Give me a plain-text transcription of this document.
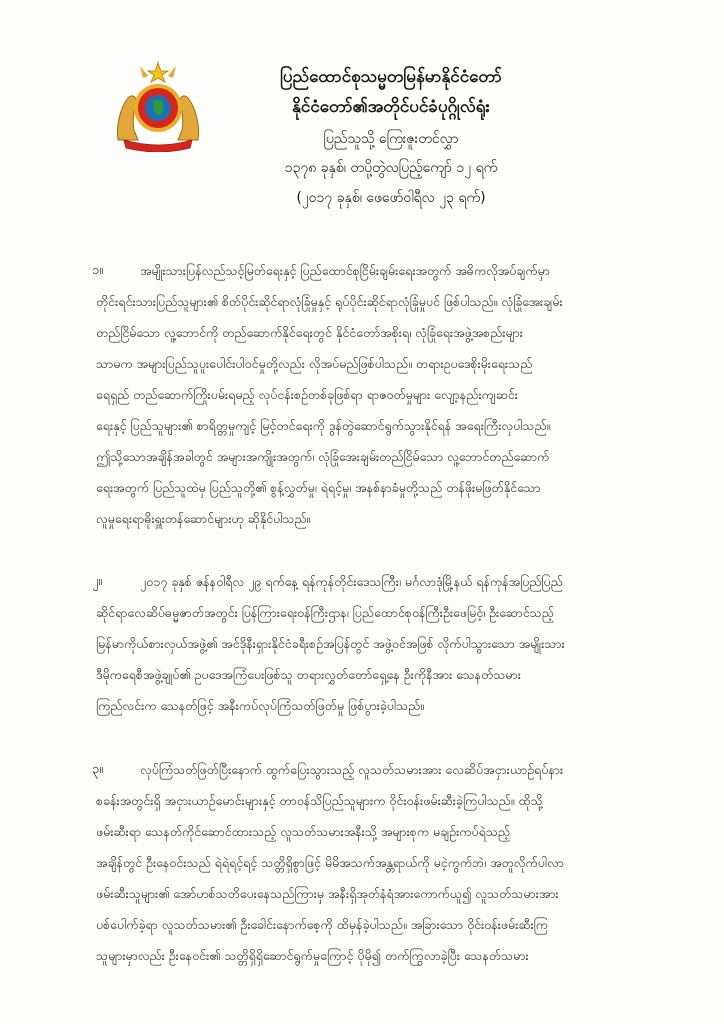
ပြည်ထောင်စုသမ္မတမြန်မာနိုင်ငံတော်
နိုင်ငံတော်၏အတိုင်ပင်ခံပုဂ္ဂိုလ်ရုံး
ပြည်သူသို့ ကြေးဇူးတင်လွှာ
၁၃၇၈ ခုနှစ်၊ တပို့တွဲလပြည့်ကျော် ၁၂ ရက်
(၂၀၁၇ ခုနှစ်၊ ဖေဖော်ဝါရီလ ၂၃ ရက်)
၁။	အမျိုးသားပြန်လည်သင့်မြတ်ရေးနှင့် ပြည်ထောင်စုငြိမ်းချမ်းရေးအတွက် အဓိကလိုအပ်ချက်မှာ
တိုင်းရင်းသားပြည်သူများ၏ စိတ်ပိုင်းဆိုင်ရာလုံခြုံမှုနှင့် ရုပ်ပိုင်းဆိုင်ရာလုံခြုံမှုပင် ဖြစ်ပါသည်။ လုံခြုံအေးချမ်း
တည်ငြိမ်သော လူ့ဘောင်ကို တည်ဆောက်နိုင်ရေးတွင် နိုင်ငံတော်အစိုးရ၊ လုံခြုံရေးအဖွဲ့အစည်းများ
သာမက အများပြည်သူပူးပေါင်းပါဝင်မှုတို့လည်း လိုအပ်မည်ဖြစ်ပါသည်။ တရားဥပဒေစိုးမိုးရေးသည်
ရေရှည် တည်ဆောက်ကြိုးပမ်းရမည့် လုပ်ငန်းစဉ်တစ်ခုဖြစ်ရာ ရာဇဝတ်မှုများ လျော့နည်းကျဆင်း
ရေးနှင့် ပြည်သူများ၏ စာရိတ္တမှုကျင့် မြင့်တင်ရေးကို ဒွန်တွဲဆောင်ရွက်သွားနိုင်ရန် အရေးကြီးလှပါသည်။
ဤသို့သောအချိန်အခါတွင် အများအကျိုးအတွက်၊ လုံခြုံအေးချမ်းတည်ငြိမ်သော လူ့ဘောင်တည်ဆောက်
ရေးအတွက် ပြည်သူထဲမှ ပြည်သူတို့၏ စွန့်လွှတ်မှု၊ ရဲရင့်မှု၊ အနစ်နာခံမှုတို့သည် တန်ဖိုးမဖြတ်နိုင်သော
လူမှုရေးရာဓိုးရှူးတန်ဆောင်များဟု ဆိုနိုင်ပါသည်။
၂။	၂၀၁၇ ခုနှစ် ဇန်နဝါရီလ ၂၉ ရက်နေ့ ရန်ကုန်တိုင်းဒေသကြီး၊ မင်္ဂလာဒုံမြို့နယ် ရန်ကုန်အပြည်ပြည်
ဆိုင်ရာလေဆိပ်ဓမ္မဇာတ်အတွင်း ပြန်ကြားရေးဝန်ကြီးဌာန၊ ပြည်ထောင်စုဝန်ကြီးဦးဖေမြင့်၊ ဦးဆောင်သည့်
မြန်မာကိုယ်စားလှယ်အဖွဲ့၏ အင်ဒိုနီးရှားနိုင်ငံခရီးစဉ်အပြန်တွင် အဖွဲ့ဝင်အဖြစ် လိုက်ပါသွားသော အမျိုးသား
ဒီမိုကရေစီအဖွဲ့ချုပ်၏ ဥပဒေအကြံပေးဖြစ်သူ တရားလွှတ်တော်ရှေ့နေ ဦးကိုနီအား သေနတ်သမား
ကြည်လင်းက သေနတ်ဖြင့် အနီးကပ်လုပ်ကြံသတ်ဖြတ်မှု ဖြစ်ပွားခဲ့ပါသည်။
၃။	လုပ်ကြံသတ်ဖြတ်ပြီးနောက် ထွက်ပြေးသွားသည့် လူသတ်သမားအား လေဆိပ်အငှားယာဉ်ရပ်နား
စခန်းအတွင်းရှိ အငှားယာဉ်မောင်းများနှင့် တာဝန်သိပြည်သူများက ဝိုင်းဝန်းဖမ်းဆီးခဲ့ကြပါသည်။ ထိုသို့
ဖမ်းဆီးရာ သေနတ်ကိုင်ဆောင်ထားသည့် လူသတ်သမားအနီးသို့ အများစုက မချဉ်းကပ်ရဲသည့်
အချိန်တွင် ဦးနေဝင်းသည် ရဲရဲရင့်ရင့် သတ္တိရှိစွာဖြင့် မိမိအသက်အန္တရာယ်ကို မငဲ့ကွက်ဘဲ၊ အတူလိုက်ပါလာ
ဖမ်းဆီးသူများ၏ အော်ဟစ်သတိပေးနေသည်ကြားမှ အနီးရှိအုတ်နံရံအားကောက်ယူ၍ လူသတ်သမားအား
ပစ်ပေါက်ခဲ့ရာ လူသတ်သမား၏ ဦးခေါင်းနောက်စေ့ကို ထိမှန်ခဲ့ပါသည်။ အခြားသော ဝိုင်းဝန်းဖမ်းဆီးကြ
သူများမှာလည်း ဦးနေဝင်း၏ သတ္တိရှိရှိဆောင်ရွက်မှုကြောင့် ပိုမို၍ တက်ကြွလာခဲ့ပြီး သေနတ်သမား
